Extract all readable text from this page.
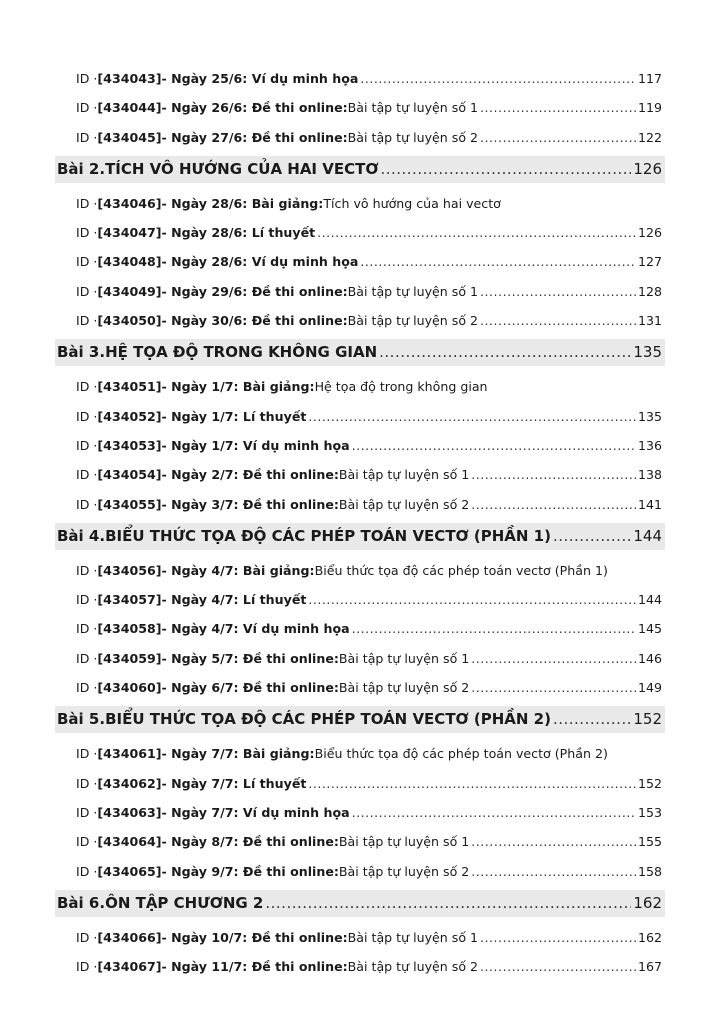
ID · [434043] - Ngày 25/6: Ví dụ minh họa .....	117
ID · [434044] - Ngày 26/6: Đề thi online: Bài tập tự luyện số 1 .....	119
ID · [434045] - Ngày 27/6: Đề thi online: Bài tập tự luyện số 2 .....	122
Bài 2. TÍCH VÔ HƯỚNG CỦA HAI VECTƠ .....	126
ID · [434046] - Ngày 28/6: Bài giảng: Tích vô hướng của hai vectơ
ID · [434047] - Ngày 28/6: Lí thuyết .....	126
ID · [434048] - Ngày 28/6: Ví dụ minh họa .....	127
ID · [434049] - Ngày 29/6: Đề thi online: Bài tập tự luyện số 1 .....	128
ID · [434050] - Ngày 30/6: Đề thi online: Bài tập tự luyện số 2 .....	131
Bài 3. HỆ TỌA ĐỘ TRONG KHÔNG GIAN .....	135
ID · [434051] - Ngày 1/7: Bài giảng: Hệ tọa độ trong không gian
ID · [434052] - Ngày 1/7: Lí thuyết .....	135
ID · [434053] - Ngày 1/7: Ví dụ minh họa .....	136
ID · [434054] - Ngày 2/7: Đề thi online: Bài tập tự luyện số 1 .....	138
ID · [434055] - Ngày 3/7: Đề thi online: Bài tập tự luyện số 2 .....	141
Bài 4. BIỂU THỨC TỌA ĐỘ CÁC PHÉP TOÁN VECTƠ (PHẦN 1) .....	144
ID · [434056] - Ngày 4/7: Bài giảng: Biểu thức tọa độ các phép toán vectơ (Phần 1)
ID · [434057] - Ngày 4/7: Lí thuyết .....	144
ID · [434058] - Ngày 4/7: Ví dụ minh họa .....	145
ID · [434059] - Ngày 5/7: Đề thi online: Bài tập tự luyện số 1 .....	146
ID · [434060] - Ngày 6/7: Đề thi online: Bài tập tự luyện số 2 .....	149
Bài 5. BIỂU THỨC TỌA ĐỘ CÁC PHÉP TOÁN VECTƠ (PHẦN 2) .....	152
ID · [434061] - Ngày 7/7: Bài giảng: Biểu thức tọa độ các phép toán vectơ (Phần 2)
ID · [434062] - Ngày 7/7: Lí thuyết .....	152
ID · [434063] - Ngày 7/7: Ví dụ minh họa .....	153
ID · [434064] - Ngày 8/7: Đề thi online: Bài tập tự luyện số 1 .....	155
ID · [434065] - Ngày 9/7: Đề thi online: Bài tập tự luyện số 2 .....	158
Bài 6. ÔN TẬP CHƯƠNG 2 .....	162
ID · [434066] - Ngày 10/7: Đề thi online: Bài tập tự luyện số 1 .....	162
ID · [434067] - Ngày 11/7: Đề thi online: Bài tập tự luyện số 2 .....	167
